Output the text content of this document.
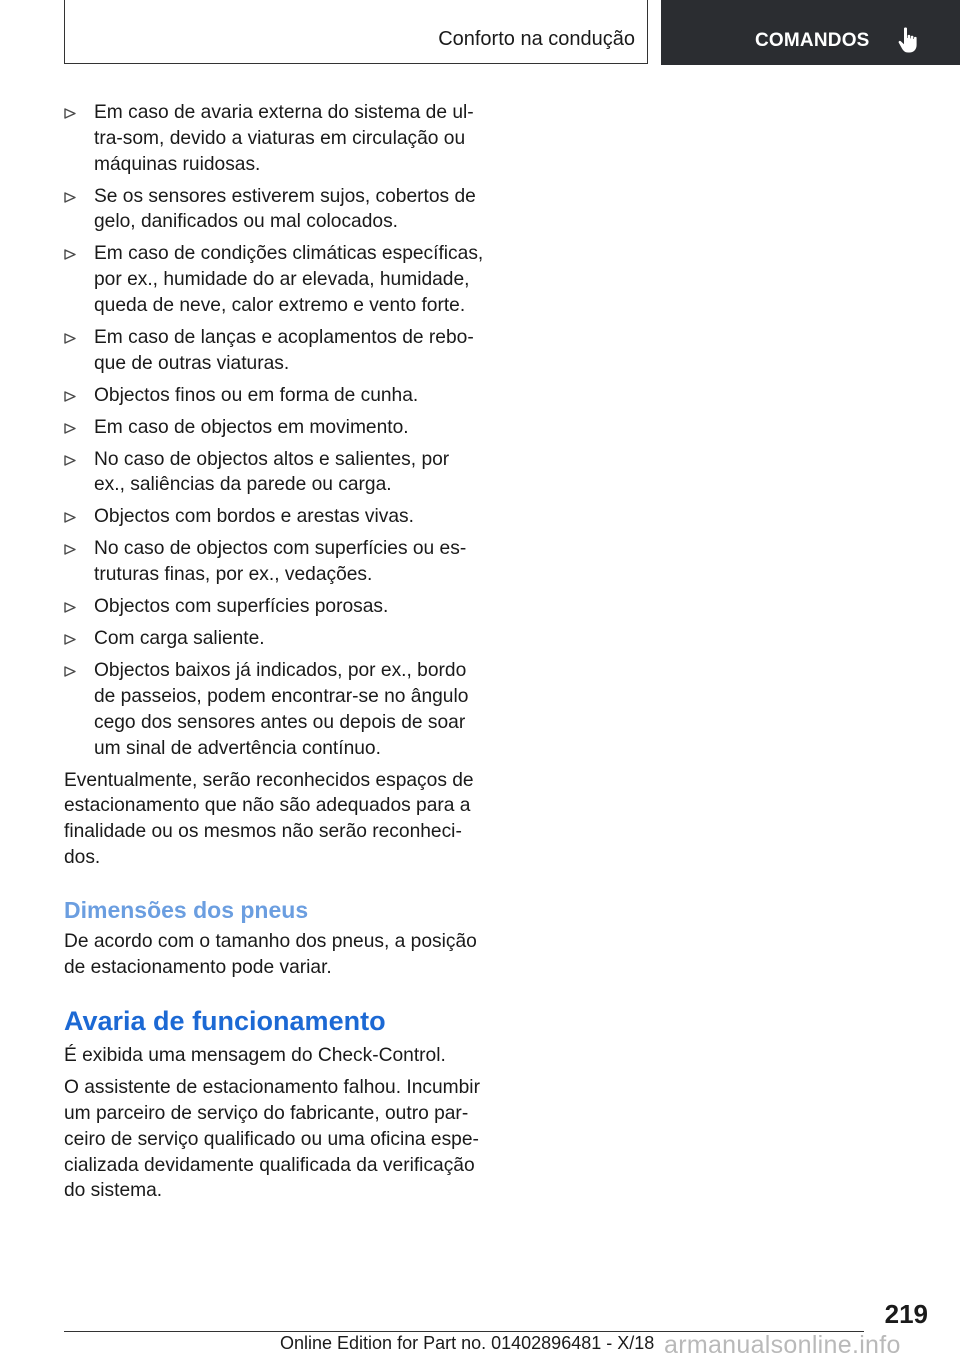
Conforto na condução	COMANDOS
Em caso de avaria externa do sistema de ultra-som, devido a viaturas em circulação ou máquinas ruidosas.
Se os sensores estiverem sujos, cobertos de gelo, danificados ou mal colocados.
Em caso de condições climáticas específicas, por ex., humidade do ar elevada, humidade, queda de neve, calor extremo e vento forte.
Em caso de lanças e acoplamentos de reboque de outras viaturas.
Objectos finos ou em forma de cunha.
Em caso de objectos em movimento.
No caso de objectos altos e salientes, por ex., saliências da parede ou carga.
Objectos com bordos e arestas vivas.
No caso de objectos com superfícies ou estruturas finas, por ex., vedações.
Objectos com superfícies porosas.
Com carga saliente.
Objectos baixos já indicados, por ex., bordo de passeios, podem encontrar-se no ângulo cego dos sensores antes ou depois de soar um sinal de advertência contínuo.

Eventualmente, serão reconhecidos espaços de estacionamento que não são adequados para a finalidade ou os mesmos não serão reconhecidos.

Dimensões dos pneus

De acordo com o tamanho dos pneus, a posição de estacionamento pode variar.

Avaria de funcionamento

É exibida uma mensagem do Check-Control.

O assistente de estacionamento falhou. Incumbir um parceiro de serviço do fabricante, outro parceiro de serviço qualificado ou uma oficina especializada devidamente qualificada da verificação do sistema.

219
Online Edition for Part no. 01402896481 - X/18 armanualsonline.info
